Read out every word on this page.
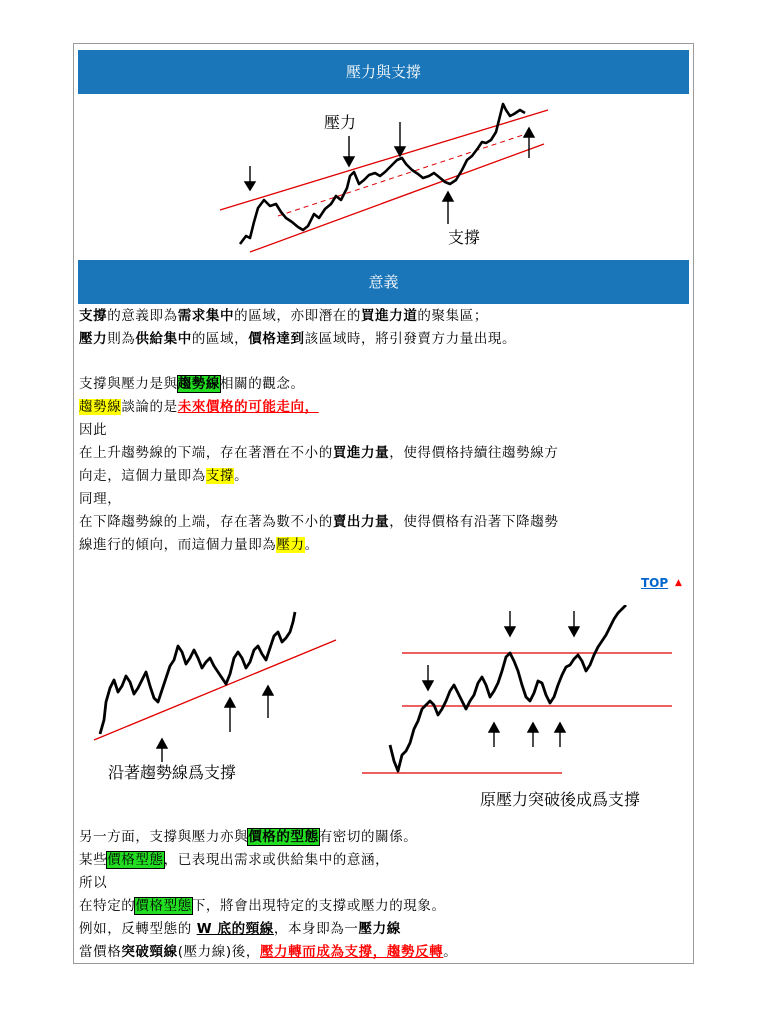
壓力與支撐
壓力
支撐
意義
支撐的意義即為需求集中的區域，亦即潛在的買進力道的聚集區；
壓力則為供給集中的區域，價格達到該區域時，將引發賣方力量出現。
支撐與壓力是與趨勢線相關的觀念。
趨勢線談論的是未來價格的可能走向，
因此
在上升趨勢線的下端，存在著潛在不小的買進力量，使得價格持續往趨勢線方
向走，這個力量即為支撐。
同理，
在下降趨勢線的上端，存在著為數不小的賣出力量，使得價格有沿著下降趨勢
線進行的傾向，而這個力量即為壓力。
TOP ▲
沿著趨勢線爲支撐
原壓力突破後成爲支撐
另一方面，支撐與壓力亦與價格的型態有密切的關係。
某些價格型態，已表現出需求或供給集中的意涵，
所以
在特定的價格型態下，將會出現特定的支撐或壓力的現象。
例如，反轉型態的 W 底的頸線，本身即為一壓力線
當價格突破頸線(壓力線)後，壓力轉而成為支撐，趨勢反轉。
